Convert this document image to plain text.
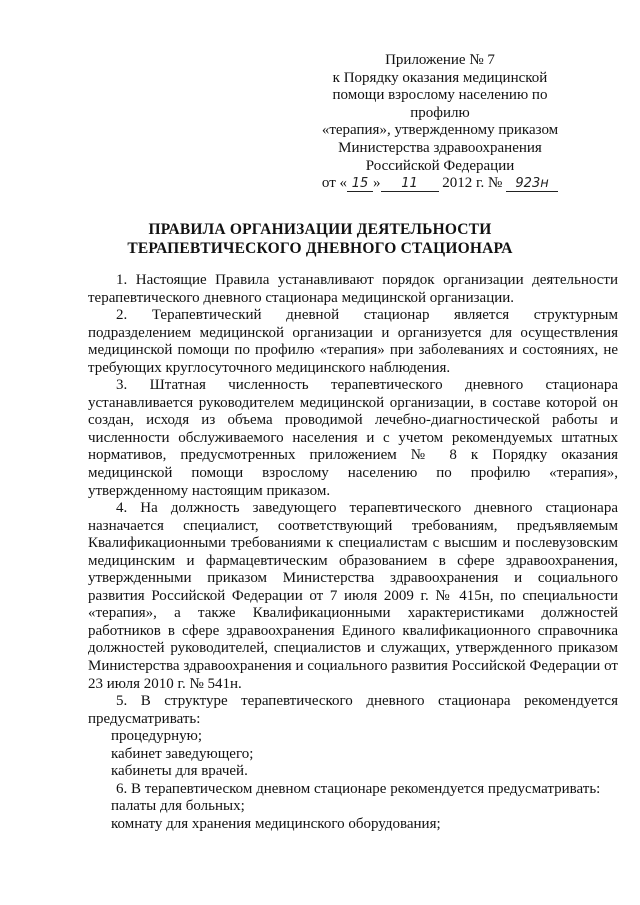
Приложение № 7
к Порядку оказания медицинской
помощи взрослому населению по профилю
«терапия», утвержденному приказом
Министерства здравоохранения
Российской Федерации
от « 15 » 11 2012 г. № 923н
ПРАВИЛА ОРГАНИЗАЦИИ ДЕЯТЕЛЬНОСТИ
ТЕРАПЕВТИЧЕСКОГО ДНЕВНОГО СТАЦИОНАРА

1. Настоящие Правила устанавливают порядок организации деятельности терапевтического дневного стационара медицинской организации.

2. Терапевтический дневной стационар является структурным подразделением медицинской организации и организуется для осуществления медицинской помощи по профилю «терапия» при заболеваниях и состояниях, не требующих круглосуточного медицинского наблюдения.

3. Штатная численность терапевтического дневного стационара устанавливается руководителем медицинской организации, в составе которой он создан, исходя из объема проводимой лечебно-диагностической работы и численности обслуживаемого населения и с учетом рекомендуемых штатных нормативов, предусмотренных приложением № 8 к Порядку оказания медицинской помощи взрослому населению по профилю «терапия», утвержденному настоящим приказом.

4. На должность заведующего терапевтического дневного стационара назначается специалист, соответствующий требованиям, предъявляемым Квалификационными требованиями к специалистам с высшим и послевузовским медицинским и фармацевтическим образованием в сфере здравоохранения, утвержденными приказом Министерства здравоохранения и социального развития Российской Федерации от 7 июля 2009 г. № 415н, по специальности «терапия», а также Квалификационными характеристиками должностей работников в сфере здравоохранения Единого квалификационного справочника должностей руководителей, специалистов и служащих, утвержденного приказом Министерства здравоохранения и социального развития Российской Федерации от 23 июля 2010 г. № 541н.

5. В структуре терапевтического дневного стационара рекомендуется предусматривать:

процедурную;

кабинет заведующего;

кабинеты для врачей.

6. В терапевтическом дневном стационаре рекомендуется предусматривать:

палаты для больных;

комнату для хранения медицинского оборудования;
